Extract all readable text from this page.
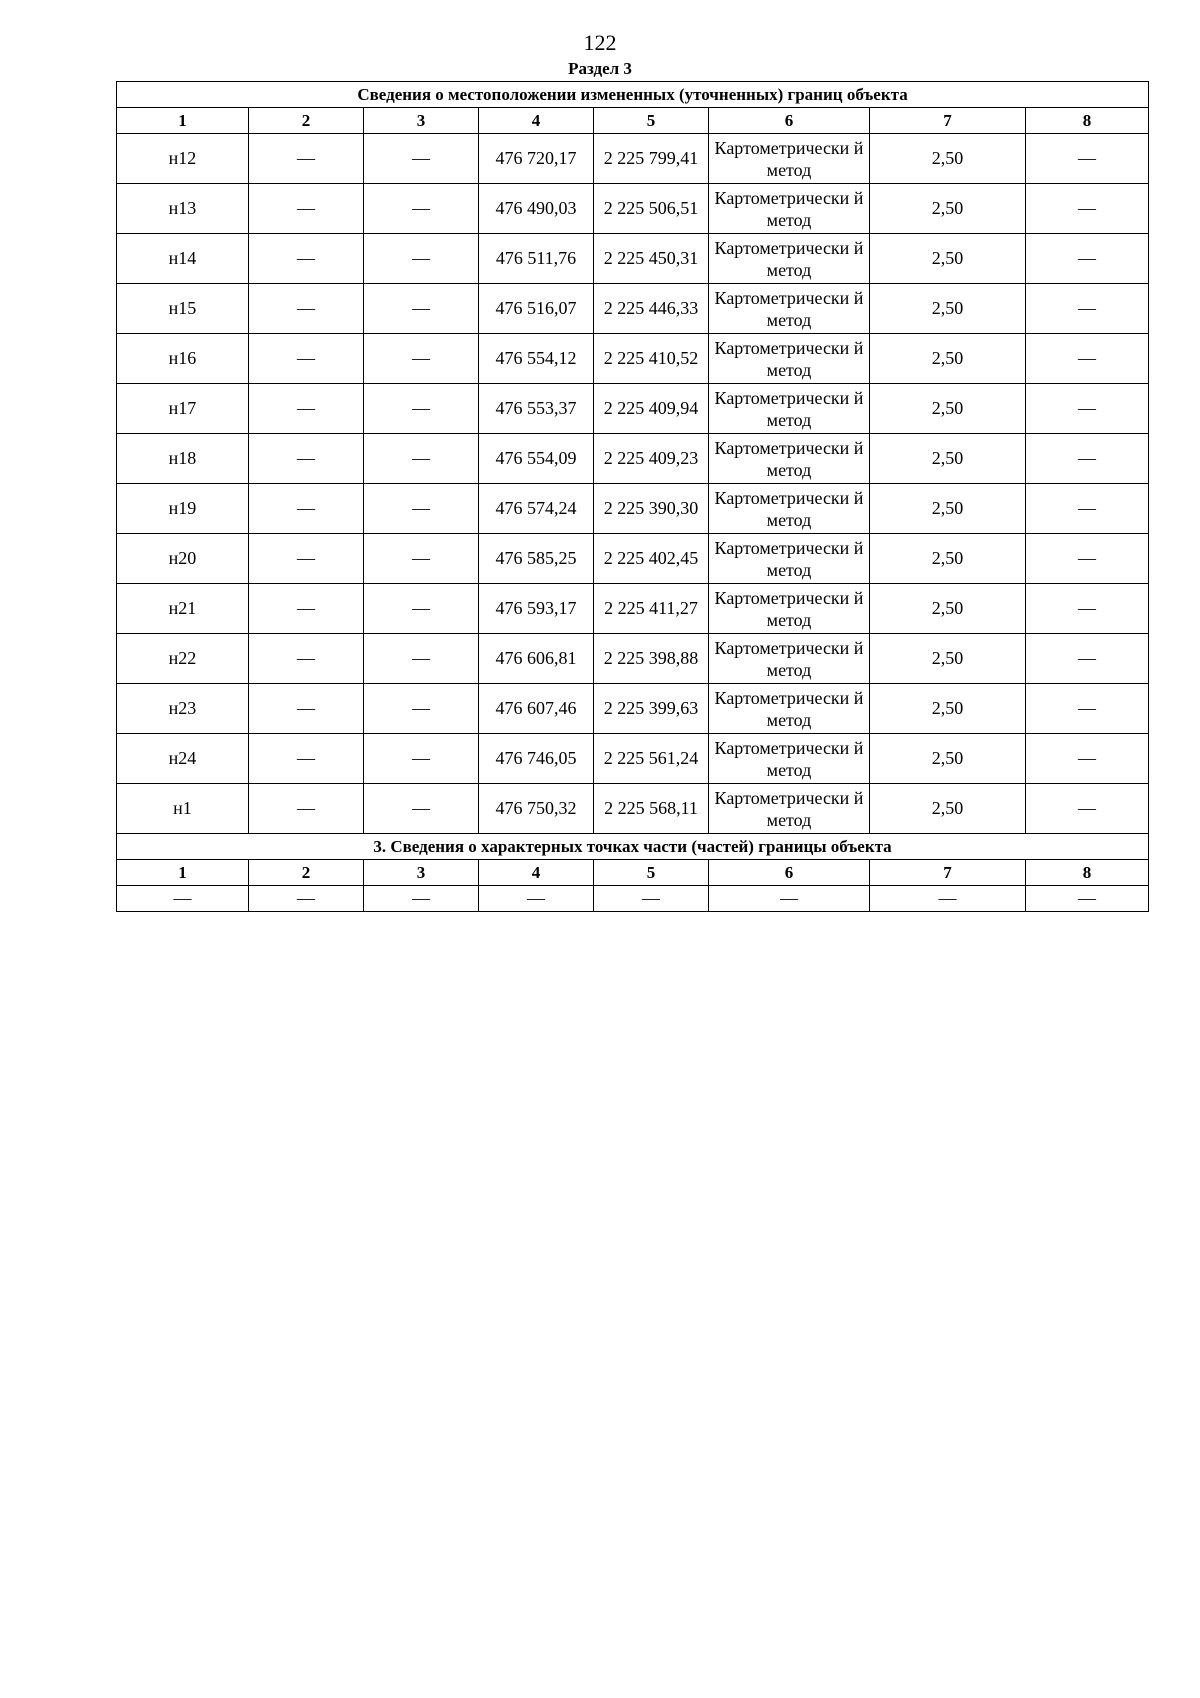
122
Раздел 3
Сведения о местоположении измененных (уточненных) границ объекта							
1	2	3	4	5	6	7	8
н12	—	—	476 720,17	2 225 799,41	Картометрически й метод	2,50	—
н13	—	—	476 490,03	2 225 506,51	Картометрически й метод	2,50	—
н14	—	—	476 511,76	2 225 450,31	Картометрически й метод	2,50	—
н15	—	—	476 516,07	2 225 446,33	Картометрически й метод	2,50	—
н16	—	—	476 554,12	2 225 410,52	Картометрически й метод	2,50	—
н17	—	—	476 553,37	2 225 409,94	Картометрически й метод	2,50	—
н18	—	—	476 554,09	2 225 409,23	Картометрически й метод	2,50	—
н19	—	—	476 574,24	2 225 390,30	Картометрически й метод	2,50	—
н20	—	—	476 585,25	2 225 402,45	Картометрически й метод	2,50	—
н21	—	—	476 593,17	2 225 411,27	Картометрически й метод	2,50	—
н22	—	—	476 606,81	2 225 398,88	Картометрически й метод	2,50	—
н23	—	—	476 607,46	2 225 399,63	Картометрически й метод	2,50	—
н24	—	—	476 746,05	2 225 561,24	Картометрически й метод	2,50	—
н1	—	—	476 750,32	2 225 568,11	Картометрически й метод	2,50	—
3. Сведения о характерных точках части (частей) границы объекта							
1	2	3	4	5	6	7	8
—	—	—	—	—	—	—	—
